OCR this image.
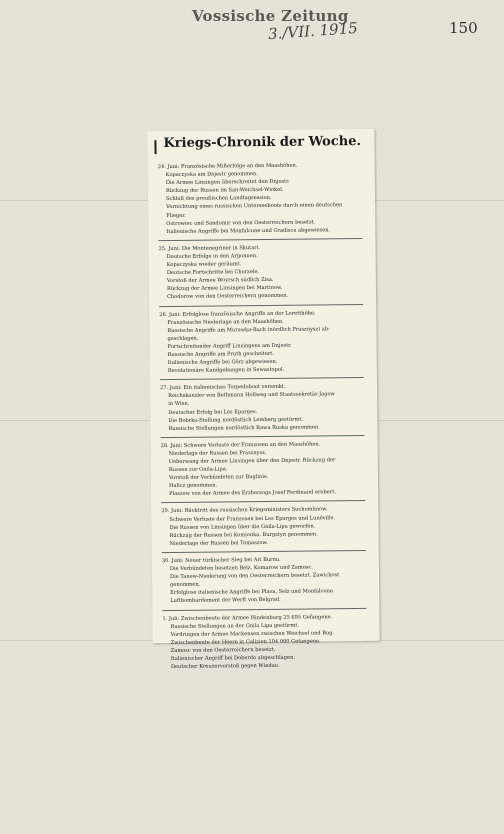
Vossische Zeitung
3./VII. 1915	150
Kriegs-Chronik der Woche.
24. Juni: Französische Mißerfolge an den Maashöhen.
Kopaczyska am Dnjestr genommen.
Die Armee Linsingen überschreitet den Dnjestr.
Rückzug der Russen im San-Weichsel-Winkel.
Schluß des preußischen Landtagsession.
Vernichtung eines russischen Unterseeboots durch einen deutschen
Flieger.
Ostrowiec und Sandomir von den Oesterreichern besetzt.
Italienische Angriffe bei Monfalcone und Gradisca abgewiesen.
25. Juni: Die Montenegriner in Skutari.
Deutsche Erfolge in den Argonnen.
Kopaczyska wieder geräumt.
Deutsche Fortschritte bei Chorzele.
Vorstoß der Armee Woyrsch südlich Zisa.
Rückzug der Armee Linsingen bei Martinow.
Chodorow von den Oesterreichern genommen.
26. Juni: Erfolglose französische Angriffe an der Loretthöhe.
Französische Niederlage an den Maashöhen.
Russische Angriffe am Murawka-Bach (nördlich Prasznysz) ab-
geschlagen.
Fortschreitender Angriff Linsingens am Dnjestr.
Russische Angriffe am Pruth gescheitert.
Italienische Angriffe bei Görz abgewiesen.
Revolutionäre Kundgebungen in Sewastopol.
27. Juni: Ein italienisches Torpedoboot versenkt.
Reichskanzler von Bethmann Hollweg und Staatssekretär Jagow
in Wien.
Deutscher Erfolg bei Les Eparges.
Die Bobrka-Stellung nordöstlich Lemberg gestürmt.
Russische Stellungen nordöstlich Rawa Ruska genommen.
28. Juni: Schwere Verluste der Franzosen an den Maashöhen.
Niederlage der Russen bei Prasznysz.
Ueberwang der Armee Linsingen über den Dnjestr. Rückzug der
Russen zur Gnila-Lipa.
Vorstoß der Verbündeten zur Buglinie.
Halicz genommen.
Plaszow von der Armee des Erzherzogs Josef Ferdinand erobert.
29. Juni: Rücktritt des russischen Kriegsministers Suchomlinow.
Schwere Verluste der Franzosen bei Les Eparges und Lunéville.
Die Russen von Linsingen über die Gnila-Lipa geworfen.
Rückzug der Russen bei Komionka. Burgstyn genommen.
Niederlage der Russen bei Tomaszow.
30. Juni: Neuer türkischer Sieg bei Ari Burnu.
Die Verbündeten besetzen Belz, Komarow und Zamosc.
Die Tanew-Niederung von den Oesterreichern besetzt. Zawichost
genommen.
Erfolglose italienische Angriffe bei Plava, Selz und Monfalcone.
Luftbombardement der Werft von Belgrad.
1. Juli: Zwischenbeute der Armee Hindenburg 25 695 Gefangene.
Russische Stellungen an der Gnila Lipa gestürmt.
Vordringen der Armee Mackensen zwischen Weichsel und Bug.
Zwischenbeute der Heere in Galizien 194 000 Gefangene.
Zamosc von den Oesterreichern besetzt.
Italienischer Angriff bei Doberdo abgeschlagen.
Deutscher Kreuzervorstoß gegen Windau.
